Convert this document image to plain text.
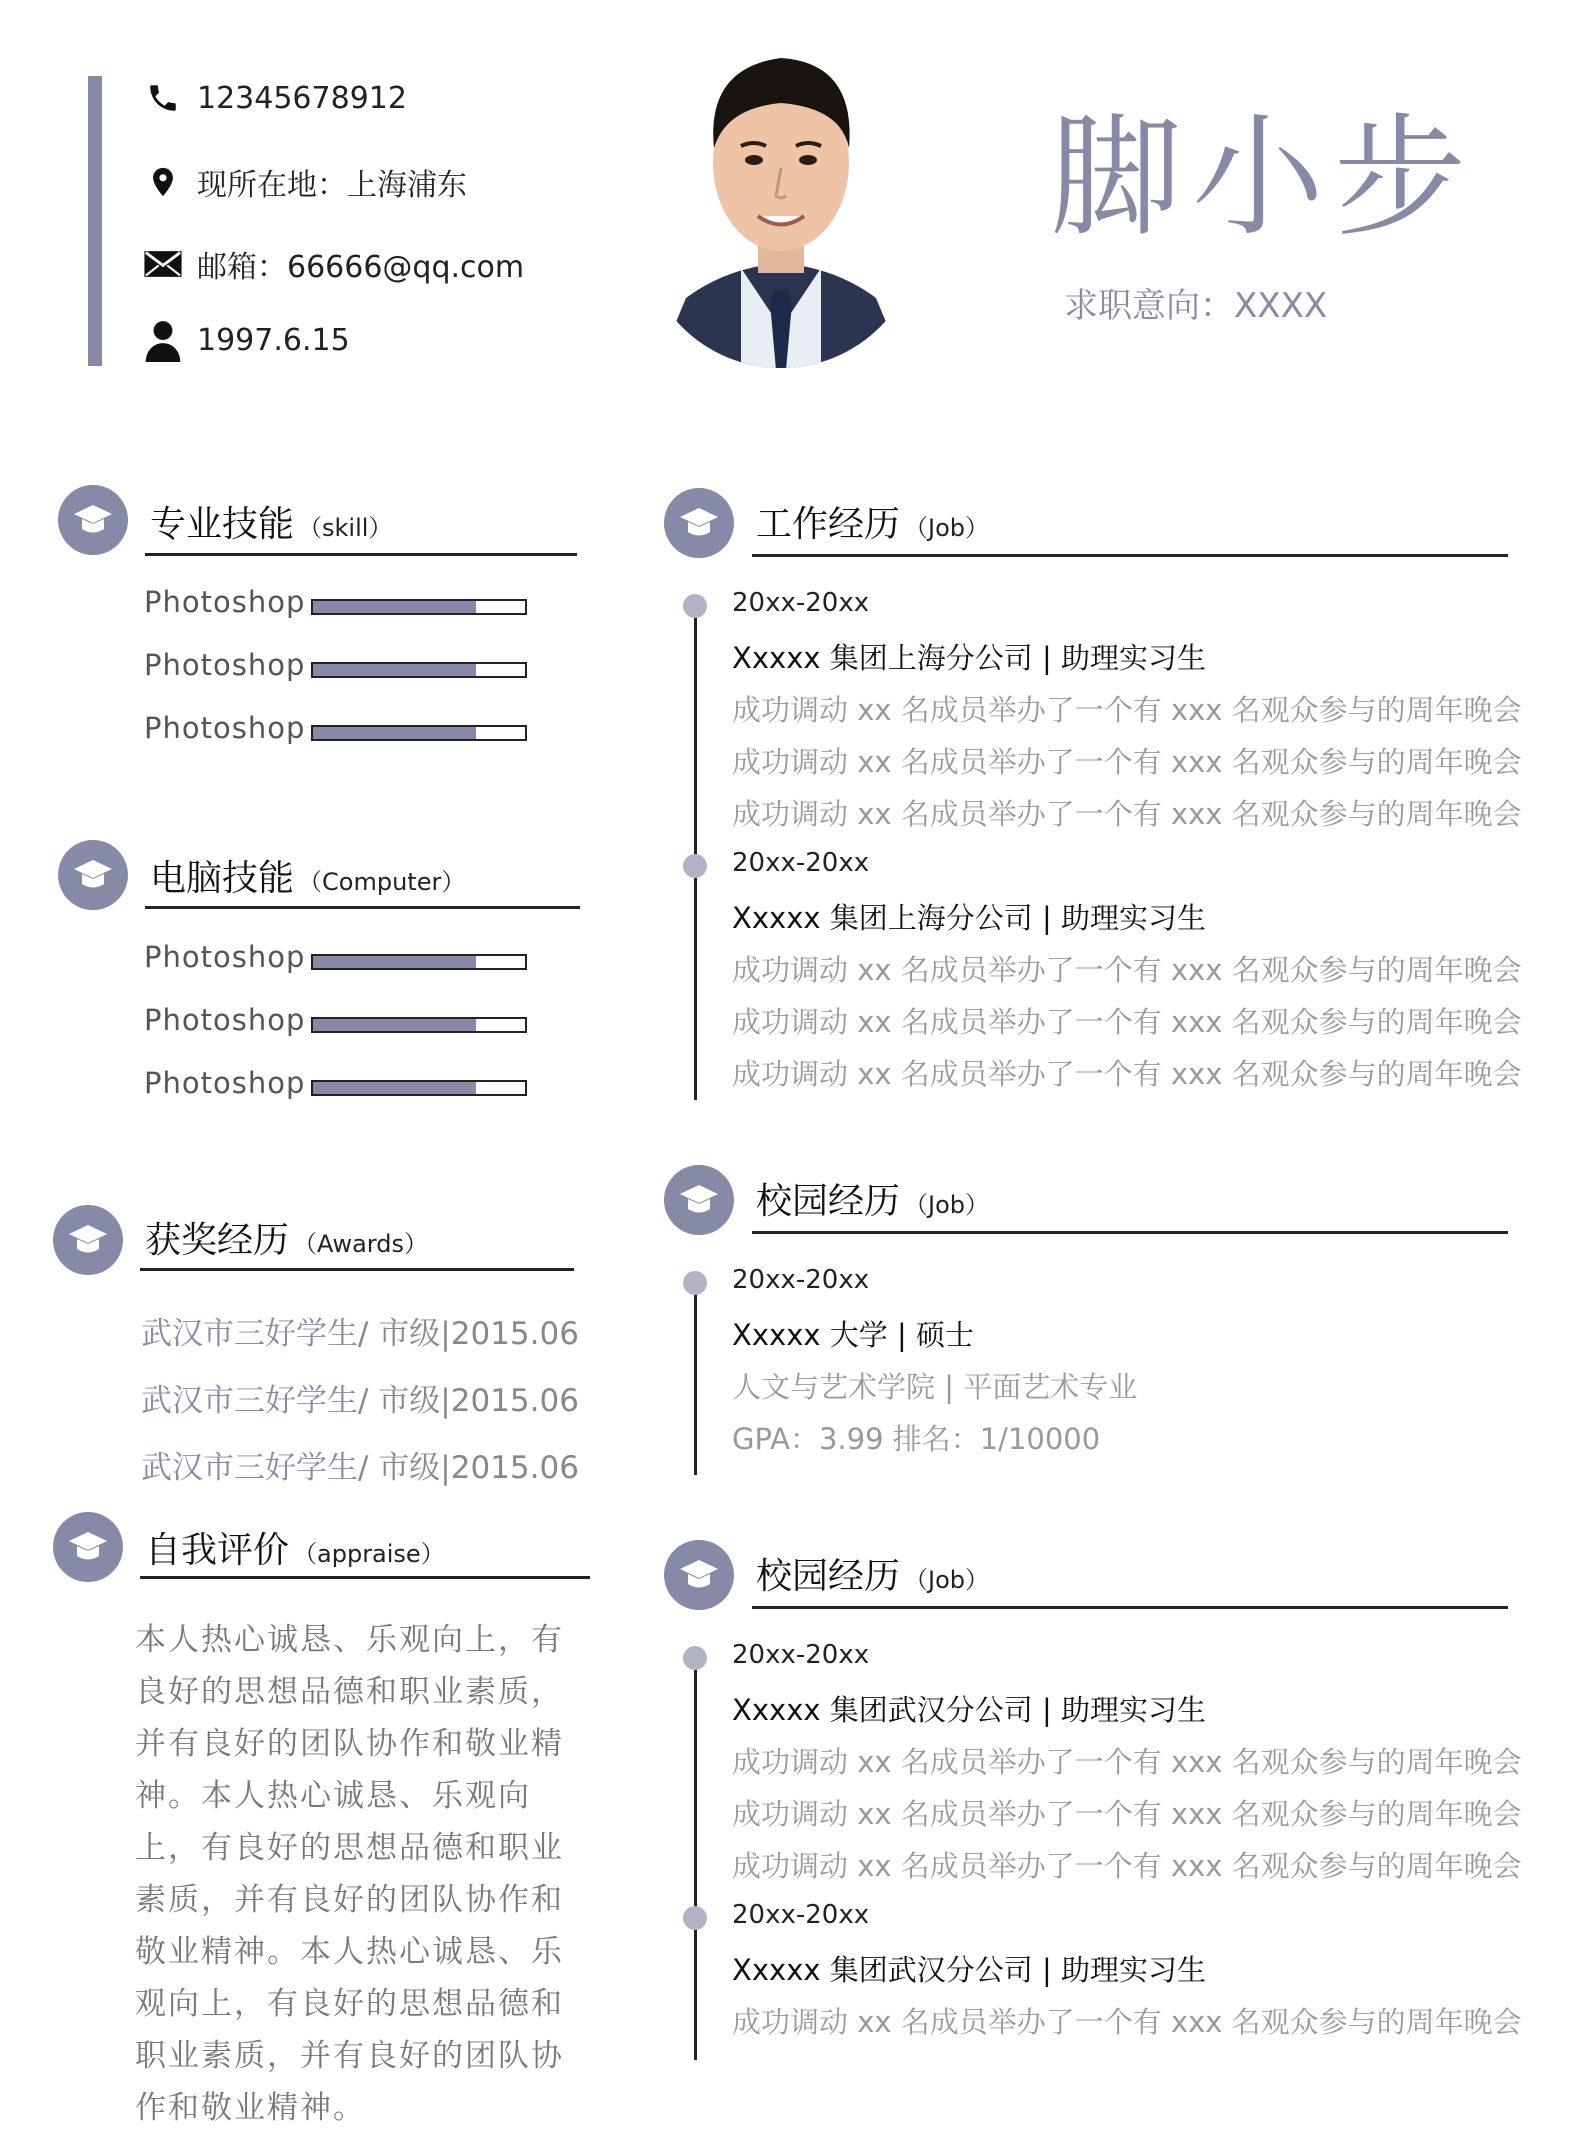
12345678912
现所在地：上海浦东
邮箱：66666@qq.com
1997.6.15
脚小步
求职意向：XXXX
专业技能 （skill）
Photoshop
Photoshop
Photoshop
电脑技能 （Computer）
Photoshop
Photoshop
Photoshop
获奖经历 （Awards）
武汉市三好学生/ 市级|2015.06
武汉市三好学生/ 市级|2015.06
武汉市三好学生/ 市级|2015.06
自我评价 （appraise）
本人热心诚恳、乐观向上，有良好的思想品德和职业素质，并有良好的团队协作和敬业精神。本人热心诚恳、乐观向上，有良好的思想品德和职业素质，并有良好的团队协作和敬业精神。本人热心诚恳、乐观向上，有良好的思想品德和职业素质，并有良好的团队协作和敬业精神。
工作经历 （Job）
20xx-20xx
Xxxxx 集团上海分公司 | 助理实习生
成功调动 xx 名成员举办了一个有 xxx 名观众参与的周年晚会
成功调动 xx 名成员举办了一个有 xxx 名观众参与的周年晚会
成功调动 xx 名成员举办了一个有 xxx 名观众参与的周年晚会
20xx-20xx
Xxxxx 集团上海分公司 | 助理实习生
成功调动 xx 名成员举办了一个有 xxx 名观众参与的周年晚会
成功调动 xx 名成员举办了一个有 xxx 名观众参与的周年晚会
成功调动 xx 名成员举办了一个有 xxx 名观众参与的周年晚会
校园经历 （Job）
20xx-20xx
Xxxxx 大学 | 硕士
人文与艺术学院 | 平面艺术专业
GPA：3.99 排名：1/10000
校园经历 （Job）
20xx-20xx
Xxxxx 集团武汉分公司 | 助理实习生
成功调动 xx 名成员举办了一个有 xxx 名观众参与的周年晚会
成功调动 xx 名成员举办了一个有 xxx 名观众参与的周年晚会
成功调动 xx 名成员举办了一个有 xxx 名观众参与的周年晚会
20xx-20xx
Xxxxx 集团武汉分公司 | 助理实习生
成功调动 xx 名成员举办了一个有 xxx 名观众参与的周年晚会
